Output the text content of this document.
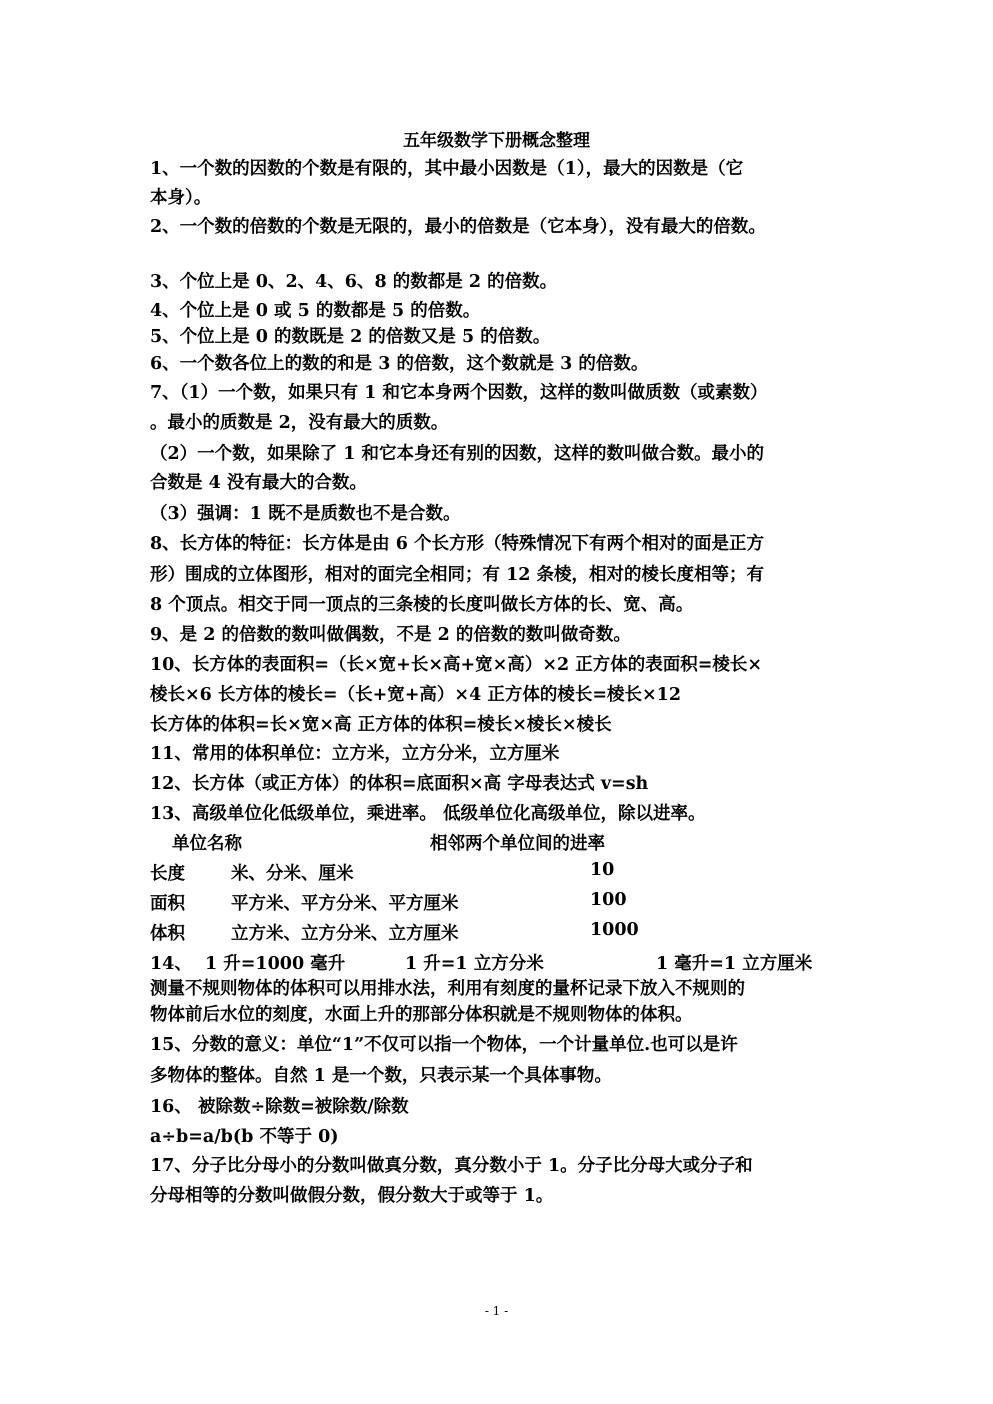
五年级数学下册概念整理
1、一个数的因数的个数是有限的，其中最小因数是（1），最大的因数是（它
本身）。
2、一个数的倍数的个数是无限的，最小的倍数是（它本身），没有最大的倍数。
3、个位上是 0、2、4、6、8 的数都是 2 的倍数。
4、个位上是 0 或 5 的数都是 5 的倍数。
5、个位上是 0 的数既是 2 的倍数又是 5 的倍数。
6、一个数各位上的数的和是 3 的倍数，这个数就是 3 的倍数。
7、（1）一个数，如果只有 1 和它本身两个因数，这样的数叫做质数（或素数）
。最小的质数是 2，没有最大的质数。
（2）一个数，如果除了 1 和它本身还有别的因数，这样的数叫做合数。最小的
合数是 4 没有最大的合数。
（3）强调：1 既不是质数也不是合数。
8、长方体的特征：长方体是由 6 个长方形（特殊情况下有两个相对的面是正方
形）围成的立体图形，相对的面完全相同；有 12 条棱，相对的棱长度相等；有
8 个顶点。相交于同一顶点的三条棱的长度叫做长方体的长、宽、高。
9、是 2 的倍数的数叫做偶数，不是 2 的倍数的数叫做奇数。
10、长方体的表面积=（长×宽+长×高+宽×高）×2 正方体的表面积=棱长×
棱长×6 长方体的棱长=（长+宽+高）×4 正方体的棱长=棱长×12
长方体的体积=长×宽×高 正方体的体积=棱长×棱长×棱长
11、常用的体积单位：立方米，立方分米，立方厘米
12、长方体（或正方体）的体积=底面积×高 字母表达式 v=sh
13、高级单位化低级单位，乘进率。 低级单位化高级单位，除以进率。
单位名称	相邻两个单位间的进率
长度	米、分米、厘米	10
面积	平方米、平方分米、平方厘米	100
体积	立方米、立方分米、立方厘米	1000
14、 1 升=1000 毫升	1 升=1 立方分米	1 毫升=1 立方厘米
测量不规则物体的体积可以用排水法，利用有刻度的量杯记录下放入不规则的
物体前后水位的刻度，水面上升的那部分体积就是不规则物体的体积。
15、分数的意义：单位“1”不仅可以指一个物体，一个计量单位.也可以是许
多物体的整体。自然 1 是一个数，只表示某一个具体事物。
16、 被除数÷除数=被除数/除数
a÷b=a/b(b 不等于 0)
17、分子比分母小的分数叫做真分数，真分数小于 1。分子比分母大或分子和
分母相等的分数叫做假分数，假分数大于或等于 1。
- 1 -
